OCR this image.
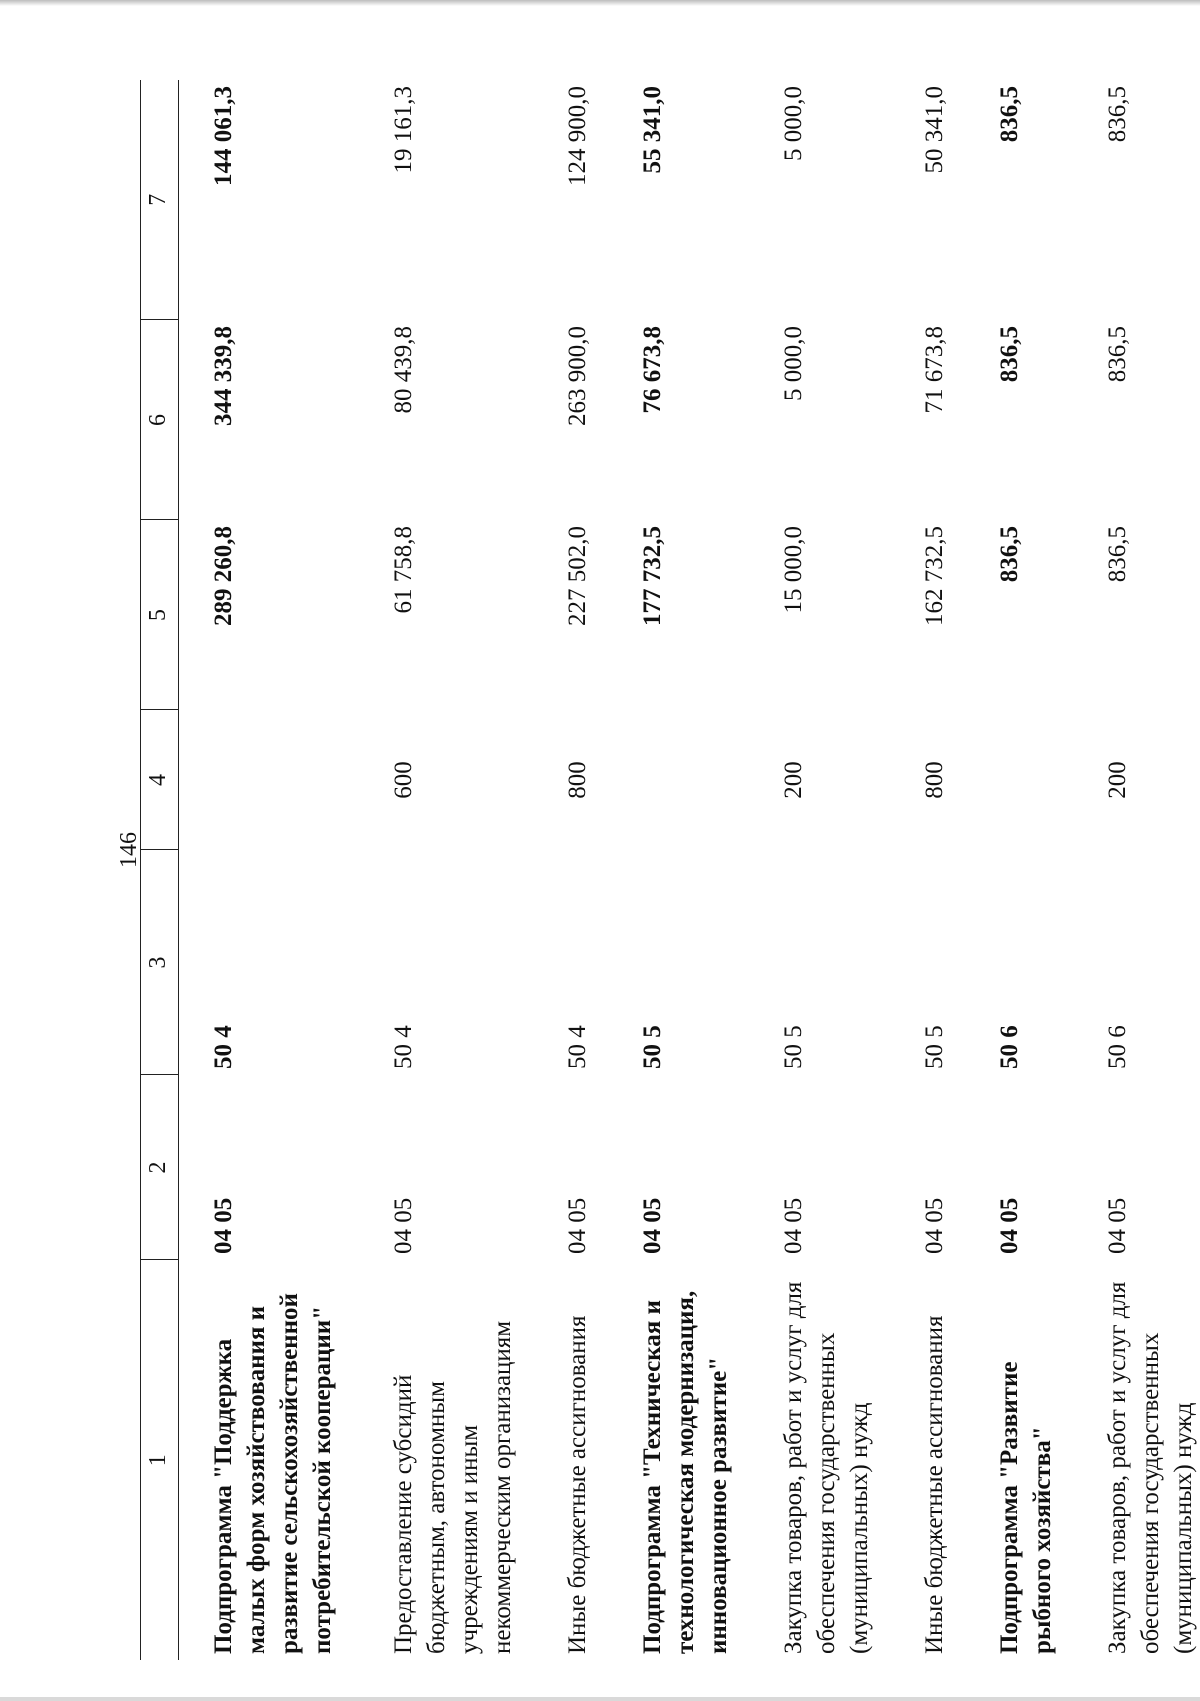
146
1	2	3	4	5	6	7
Подпрограмма "Поддержка малых форм хозяйствования и развитие сельскохозяйственной потребительской кооперации"	04 05	50 4		289 260,8	344 339,8	144 061,3
Предоставление субсидий бюджетным, автономным учреждениям и иным некоммерческим организациям	04 05	50 4	600	61 758,8	80 439,8	19 161,3
Иные бюджетные ассигнования	04 05	50 4	800	227 502,0	263 900,0	124 900,0
Подпрограмма "Техническая и технологическая модернизация, инновационное развитие"	04 05	50 5		177 732,5	76 673,8	55 341,0
Закупка товаров, работ и услуг для обеспечения государственных (муниципальных) нужд	04 05	50 5	200	15 000,0	5 000,0	5 000,0
Иные бюджетные ассигнования	04 05	50 5	800	162 732,5	71 673,8	50 341,0
Подпрограмма "Развитие рыбного хозяйства"	04 05	50 6		836,5	836,5	836,5
Закупка товаров, работ и услуг для обеспечения государственных (муниципальных) нужд	04 05	50 6	200	836,5	836,5	836,5
